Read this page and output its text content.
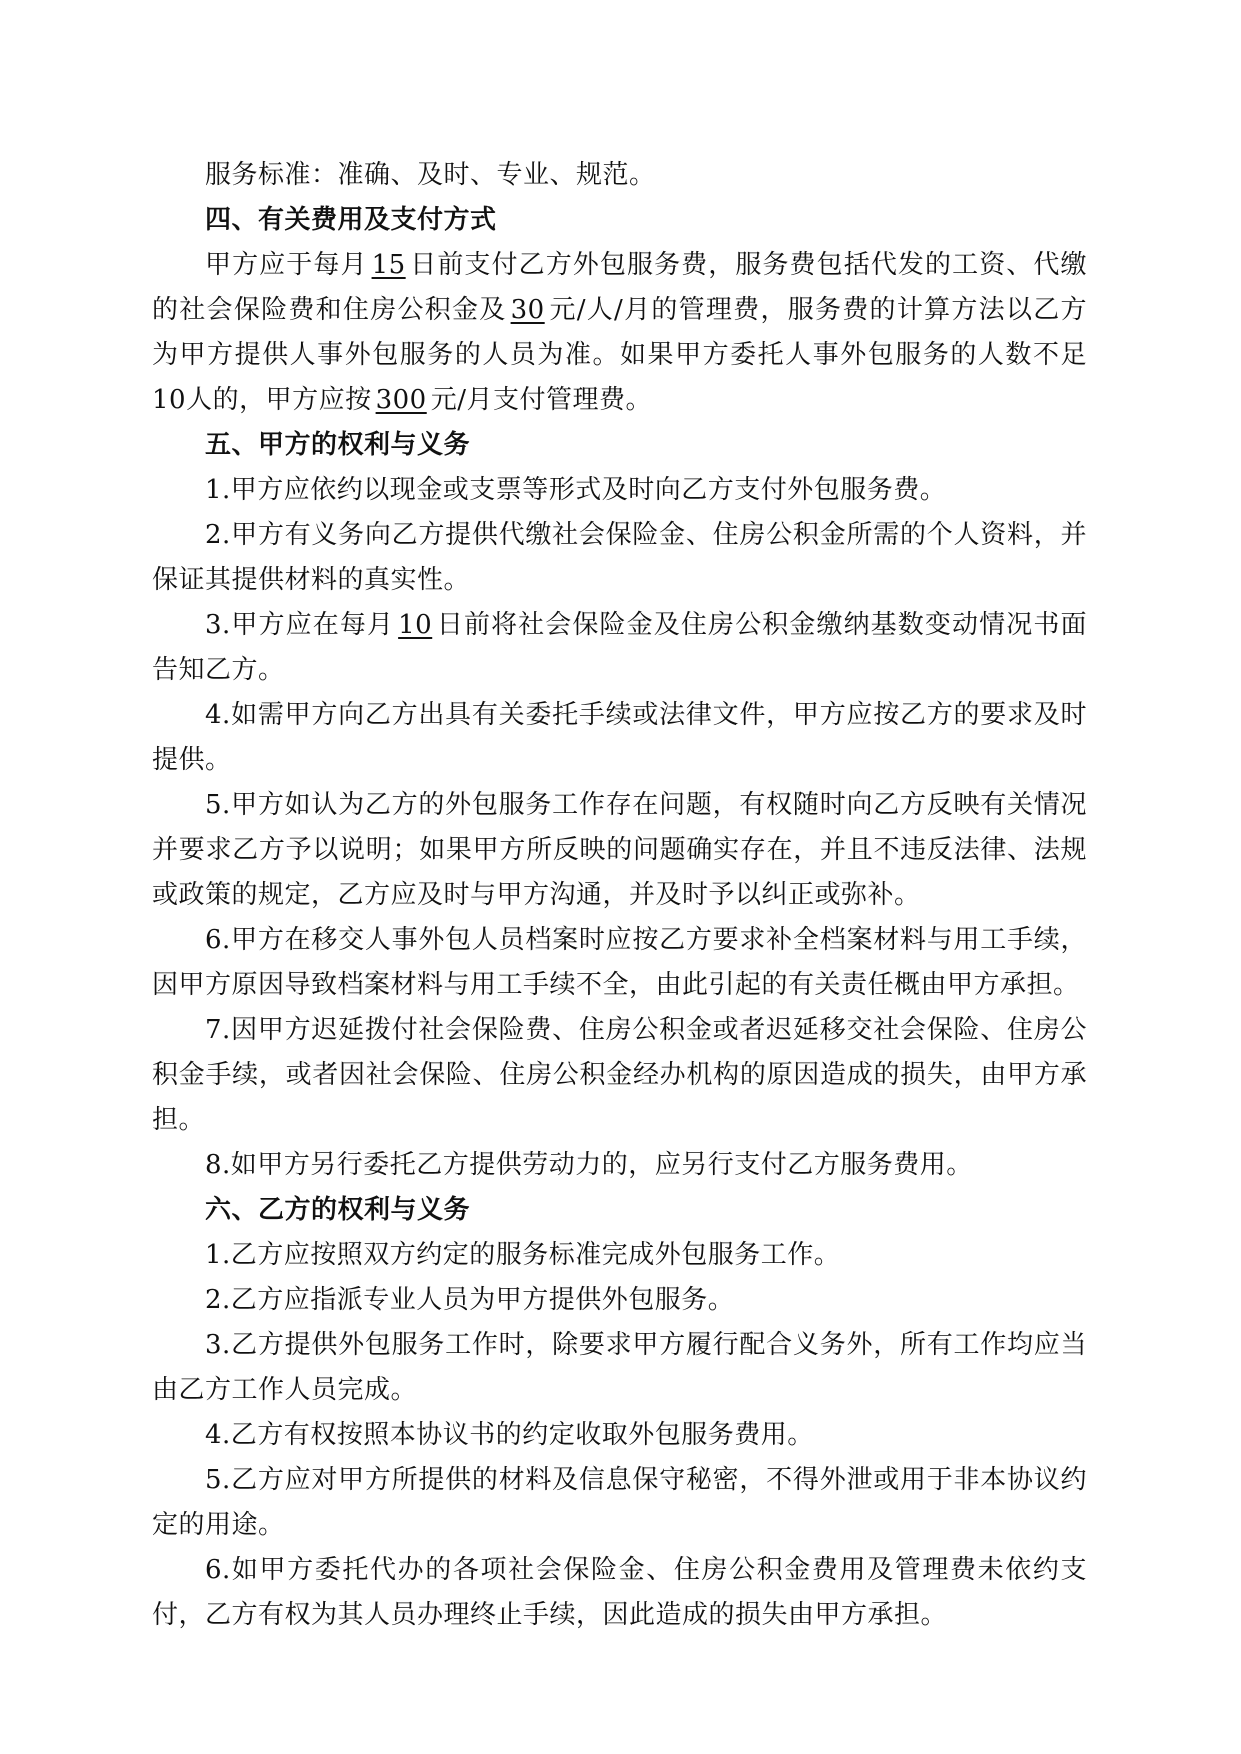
服务标准：准确、及时、专业、规范。

四、有关费用及支付方式

甲方应于每月 15 日前支付乙方外包服务费，服务费包括代发的工资、代缴的社会保险费和住房公积金及 30 元/人/月的管理费，服务费的计算方法以乙方为甲方提供人事外包服务的人员为准。如果甲方委托人事外包服务的人数不足10人的，甲方应按 300 元/月支付管理费。

五、甲方的权利与义务

1.甲方应依约以现金或支票等形式及时向乙方支付外包服务费。

2.甲方有义务向乙方提供代缴社会保险金、住房公积金所需的个人资料，并保证其提供材料的真实性。

3.甲方应在每月 10 日前将社会保险金及住房公积金缴纳基数变动情况书面告知乙方。

4.如需甲方向乙方出具有关委托手续或法律文件，甲方应按乙方的要求及时提供。

5.甲方如认为乙方的外包服务工作存在问题，有权随时向乙方反映有关情况并要求乙方予以说明；如果甲方所反映的问题确实存在，并且不违反法律、法规或政策的规定，乙方应及时与甲方沟通，并及时予以纠正或弥补。

6.甲方在移交人事外包人员档案时应按乙方要求补全档案材料与用工手续，因甲方原因导致档案材料与用工手续不全，由此引起的有关责任概由甲方承担。

7.因甲方迟延拨付社会保险费、住房公积金或者迟延移交社会保险、住房公积金手续，或者因社会保险、住房公积金经办机构的原因造成的损失，由甲方承担。

8.如甲方另行委托乙方提供劳动力的，应另行支付乙方服务费用。

六、乙方的权利与义务

1.乙方应按照双方约定的服务标准完成外包服务工作。

2.乙方应指派专业人员为甲方提供外包服务。

3.乙方提供外包服务工作时，除要求甲方履行配合义务外，所有工作均应当由乙方工作人员完成。

4.乙方有权按照本协议书的约定收取外包服务费用。

5.乙方应对甲方所提供的材料及信息保守秘密，不得外泄或用于非本协议约定的用途。

6.如甲方委托代办的各项社会保险金、住房公积金费用及管理费未依约支付，乙方有权为其人员办理终止手续，因此造成的损失由甲方承担。
